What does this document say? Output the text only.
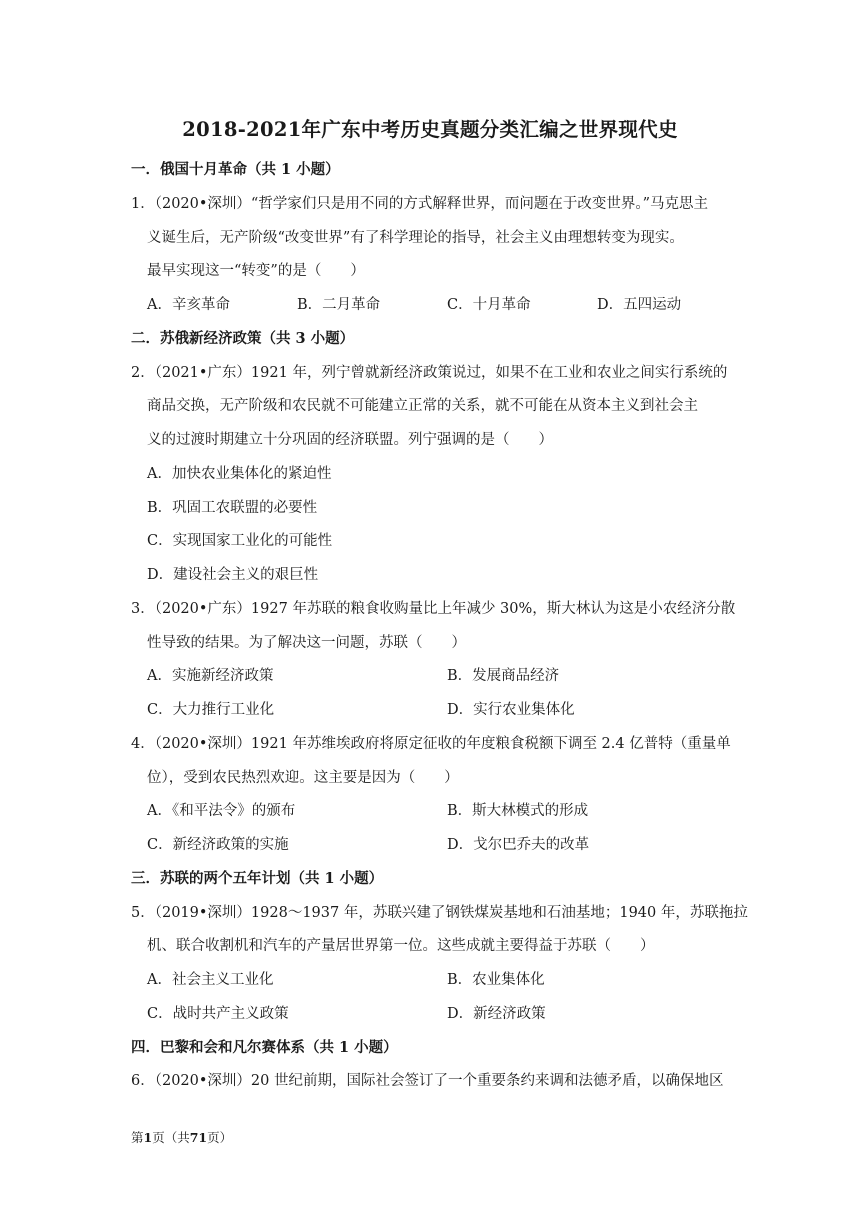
2018-2021年广东中考历史真题分类汇编之世界现代史
一．俄国十月革命（共 1 小题）
1．（2020•深圳）“哲学家们只是用不同的方式解释世界，而问题在于改变世界。”马克思主
义诞生后，无产阶级“改变世界”有了科学理论的指导，社会主义由理想转变为现实。
最早实现这一“转变”的是（　　）
A．辛亥革命	B．二月革命	C．十月革命	D．五四运动
二．苏俄新经济政策（共 3 小题）
2．（2021•广东）1921 年，列宁曾就新经济政策说过，如果不在工业和农业之间实行系统的
商品交换，无产阶级和农民就不可能建立正常的关系，就不可能在从资本主义到社会主
义的过渡时期建立十分巩固的经济联盟。列宁强调的是（　　）
A．加快农业集体化的紧迫性
B．巩固工农联盟的必要性
C．实现国家工业化的可能性
D．建设社会主义的艰巨性
3．（2020•广东）1927 年苏联的粮食收购量比上年减少 30%，斯大林认为这是小农经济分散
性导致的结果。为了解决这一问题，苏联（　　）
A．实施新经济政策	B．发展商品经济
C．大力推行工业化	D．实行农业集体化
4．（2020•深圳）1921 年苏维埃政府将原定征收的年度粮食税额下调至 2.4 亿普特（重量单
位），受到农民热烈欢迎。这主要是因为（　　）
A．《和平法令》的颁布	B．斯大林模式的形成
C．新经济政策的实施	D．戈尔巴乔夫的改革
三．苏联的两个五年计划（共 1 小题）
5．（2019•深圳）1928～1937 年，苏联兴建了钢铁煤炭基地和石油基地；1940 年，苏联拖拉
机、联合收割机和汽车的产量居世界第一位。这些成就主要得益于苏联（　　）
A．社会主义工业化	B．农业集体化
C．战时共产主义政策	D．新经济政策
四．巴黎和会和凡尔赛体系（共 1 小题）
6．（2020•深圳）20 世纪前期，国际社会签订了一个重要条约来调和法德矛盾，以确保地区
第1页（共71页）
